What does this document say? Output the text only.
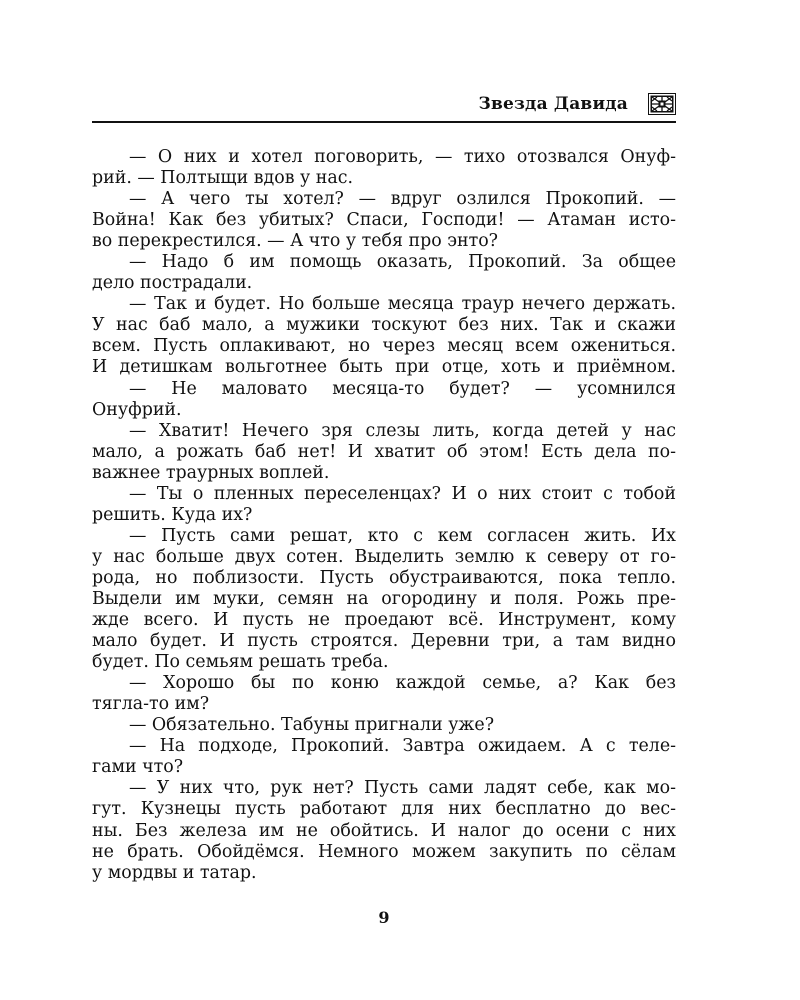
Звезда Давида
— О них и хотел поговорить, — тихо отозвался Онуф-
рий. — Полтыщи вдов у нас.
— А чего ты хотел? — вдруг озлился Прокопий. —
Война! Как без убитых? Спаси, Господи! — Атаман исто-
во перекрестился. — А что у тебя про энто?
— Надо б им помощь оказать, Прокопий. За общее
дело пострадали.
— Так и будет. Но больше месяца траур нечего держать.
У нас баб мало, а мужики тоскуют без них. Так и скажи
всем. Пусть оплакивают, но через месяц всем ожениться.
И детишкам вольготнее быть при отце, хоть и приёмном.
— Не маловато месяца-то будет? — усомнился
Онуфрий.
— Хватит! Нечего зря слезы лить, когда детей у нас
мало, а рожать баб нет! И хватит об этом! Есть дела по-
важнее траурных воплей.
— Ты о пленных переселенцах? И о них стоит с тобой
решить. Куда их?
— Пусть сами решат, кто с кем согласен жить. Их
у нас больше двух сотен. Выделить землю к северу от го-
рода, но поблизости. Пусть обустраиваются, пока тепло.
Выдели им муки, семян на огородину и поля. Рожь пре-
жде всего. И пусть не проедают всё. Инструмент, кому
мало будет. И пусть строятся. Деревни три, а там видно
будет. По семьям решать треба.
— Хорошо бы по коню каждой семье, а? Как без
тягла-то им?
— Обязательно. Табуны пригнали уже?
— На подходе, Прокопий. Завтра ожидаем. А с теле-
гами что?
— У них что, рук нет? Пусть сами ладят себе, как мо-
гут. Кузнецы пусть работают для них бесплатно до вес-
ны. Без железа им не обойтись. И налог до осени с них
не брать. Обойдёмся. Немного можем закупить по сёлам
у мордвы и татар.
9
